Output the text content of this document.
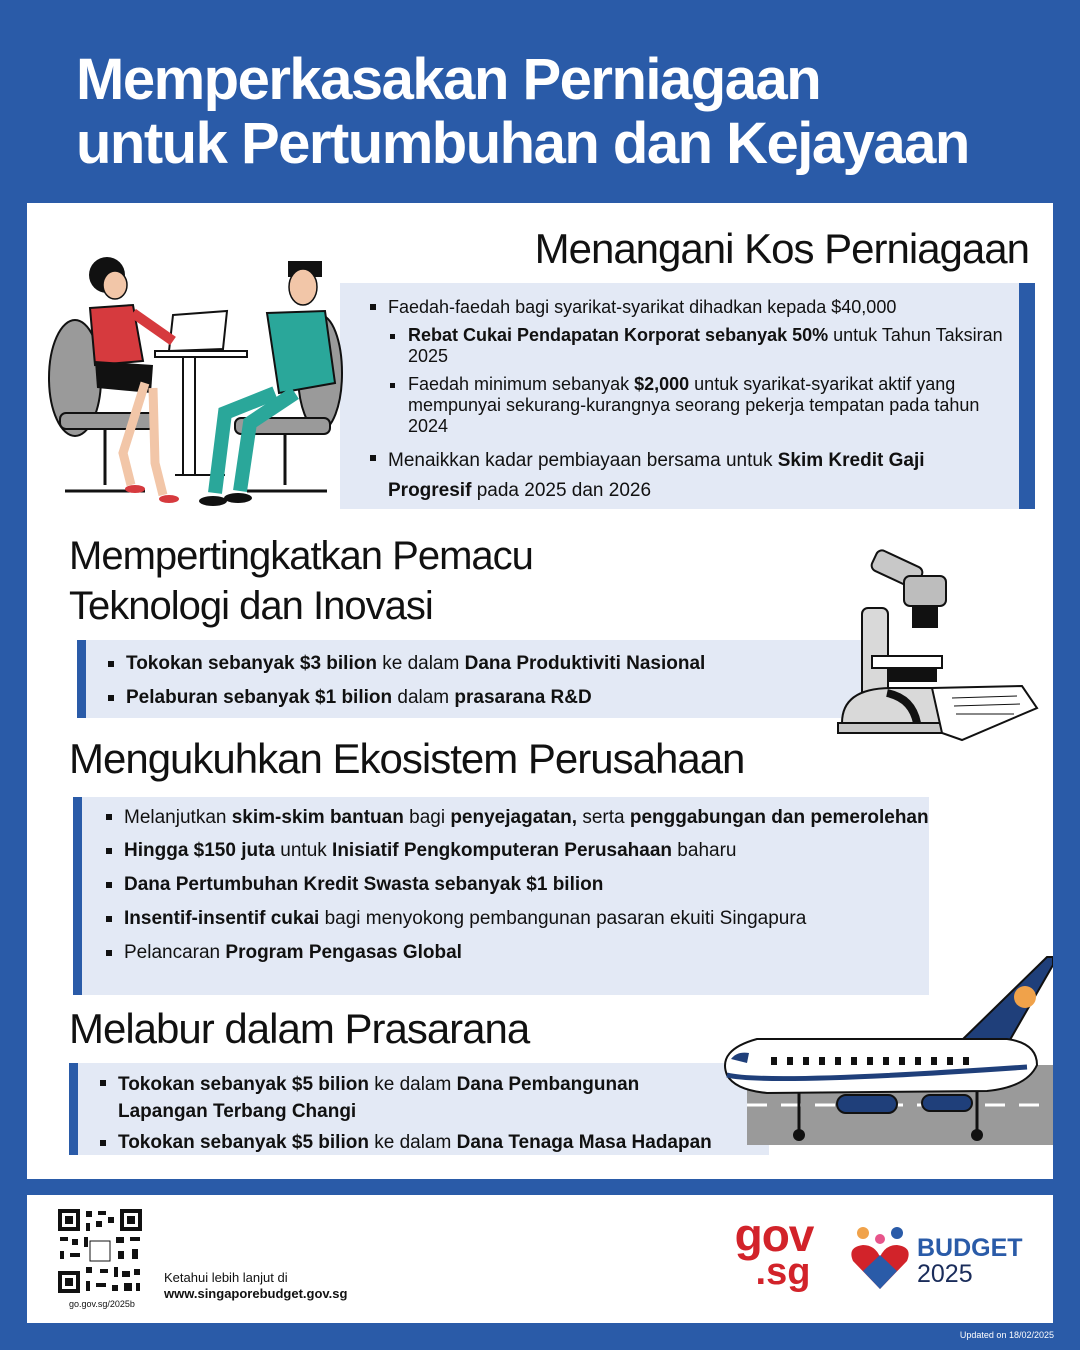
Memperkasakan Perniagaan
untuk Pertumbuhan dan Kejayaan
Menangani Kos Perniagaan
Faedah-faedah bagi syarikat-syarikat dihadkan kepada $40,000
Rebat Cukai Pendapatan Korporat sebanyak 50% untuk Tahun Taksiran 2025
Faedah minimum sebanyak $2,000 untuk syarikat-syarikat aktif yang mempunyai sekurang-kurangnya seorang pekerja tempatan pada tahun 2024
Menaikkan kadar pembiayaan bersama untuk Skim Kredit Gaji Progresif pada 2025 dan 2026
Mempertingkatkan Pemacu
Teknologi dan Inovasi
Tokokan sebanyak $3 bilion ke dalam Dana Produktiviti Nasional
Pelaburan sebanyak $1 bilion dalam prasarana R&D
Mengukuhkan Ekosistem Perusahaan
Melanjutkan skim-skim bantuan bagi penyejagatan, serta penggabungan dan pemerolehan
Hingga $150 juta untuk Inisiatif Pengkomputeran Perusahaan baharu
Dana Pertumbuhan Kredit Swasta sebanyak $1 bilion
Insentif-insentif cukai bagi menyokong pembangunan pasaran ekuiti Singapura
Pelancaran Program Pengasas Global
Melabur dalam Prasarana
Tokokan sebanyak $5 bilion ke dalam Dana Pembangunan Lapangan Terbang Changi
Tokokan sebanyak $5 bilion ke dalam Dana Tenaga Masa Hadapan
go.gov.sg/2025b
Ketahui lebih lanjut di
www.singaporebudget.gov.sg
gov
.sg
BUDGET
2025
Updated on 18/02/2025
